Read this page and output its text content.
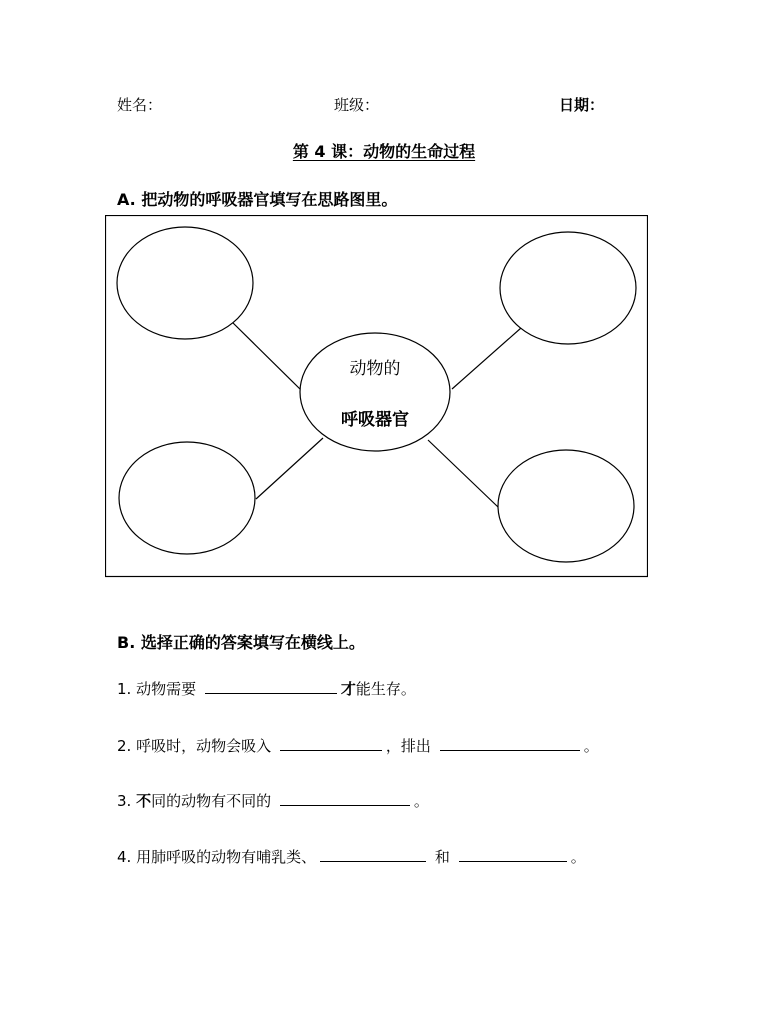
姓名：	班级：	日期：
第 4 课：动物的生命过程
A. 把动物的呼吸器官填写在思路图里。
动物的
呼吸器官
B. 选择正确的答案填写在横线上。
1. 动物需要	才能生存。
2. 呼吸时，动物会吸入	，排出	。
3. 不同的动物有不同的	。
4. 用肺呼吸的动物有哺乳类、	和	。
